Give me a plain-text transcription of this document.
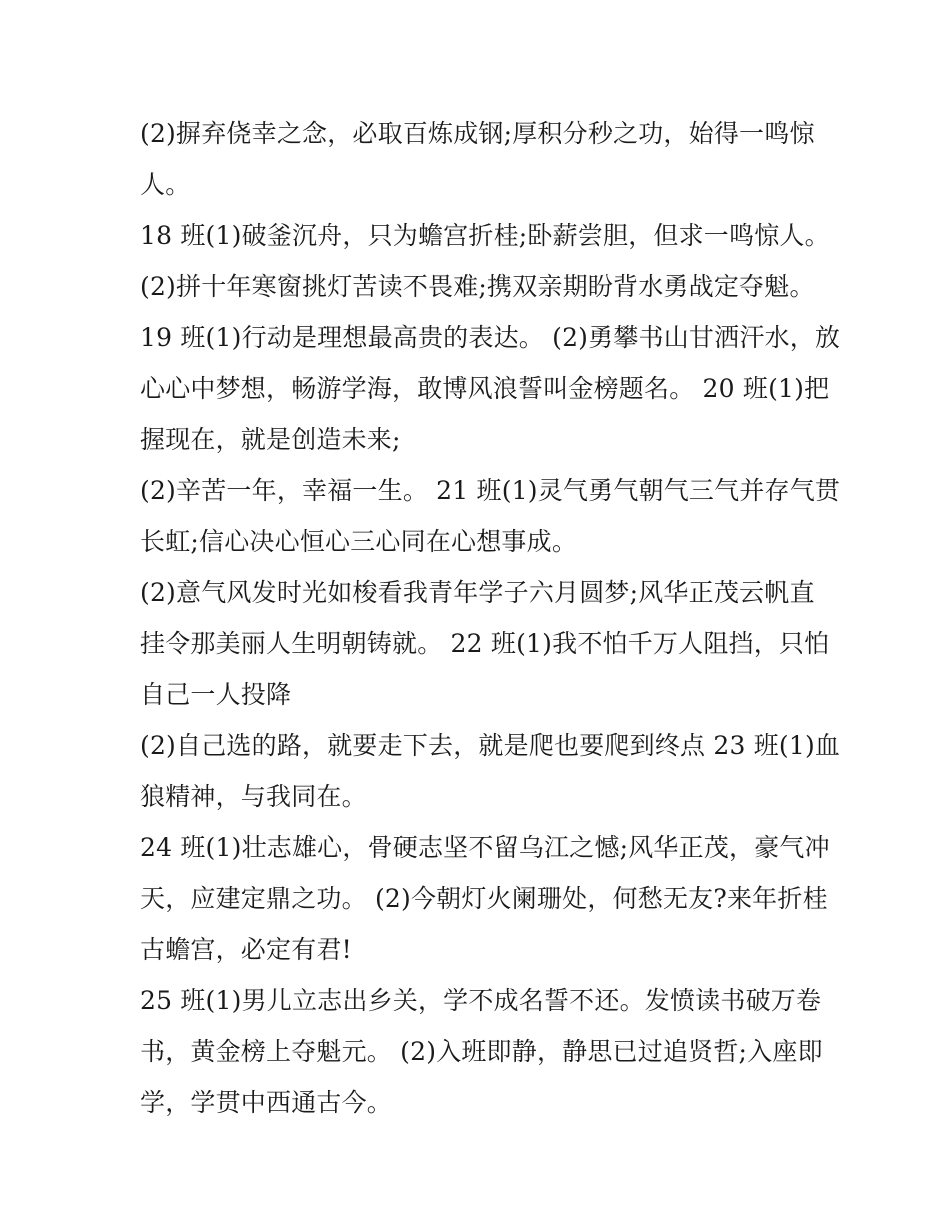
(2)摒弃侥幸之念，必取百炼成钢;厚积分秒之功，始得一鸣惊
人。
18 班(1)破釜沉舟，只为蟾宫折桂;卧薪尝胆，但求一鸣惊人。
(2)拼十年寒窗挑灯苦读不畏难;携双亲期盼背水勇战定夺魁。
19 班(1)行动是理想最高贵的表达。 (2)勇攀书山甘洒汗水，放
心心中梦想，畅游学海，敢博风浪誓叫金榜题名。 20 班(1)把
握现在，就是创造未来;
(2)辛苦一年，幸福一生。 21 班(1)灵气勇气朝气三气并存气贯
长虹;信心决心恒心三心同在心想事成。
(2)意气风发时光如梭看我青年学子六月圆梦;风华正茂云帆直
挂令那美丽人生明朝铸就。 22 班(1)我不怕千万人阻挡，只怕
自己一人投降
(2)自己选的路，就要走下去，就是爬也要爬到终点 23 班(1)血
狼精神，与我同在。
24 班(1)壮志雄心，骨硬志坚不留乌江之憾;风华正茂，豪气冲
天，应建定鼎之功。 (2)今朝灯火阑珊处，何愁无友?来年折桂
古蟾宫，必定有君!
25 班(1)男儿立志出乡关，学不成名誓不还。发愤读书破万卷
书，黄金榜上夺魁元。 (2)入班即静，静思已过追贤哲;入座即
学，学贯中西通古今。
